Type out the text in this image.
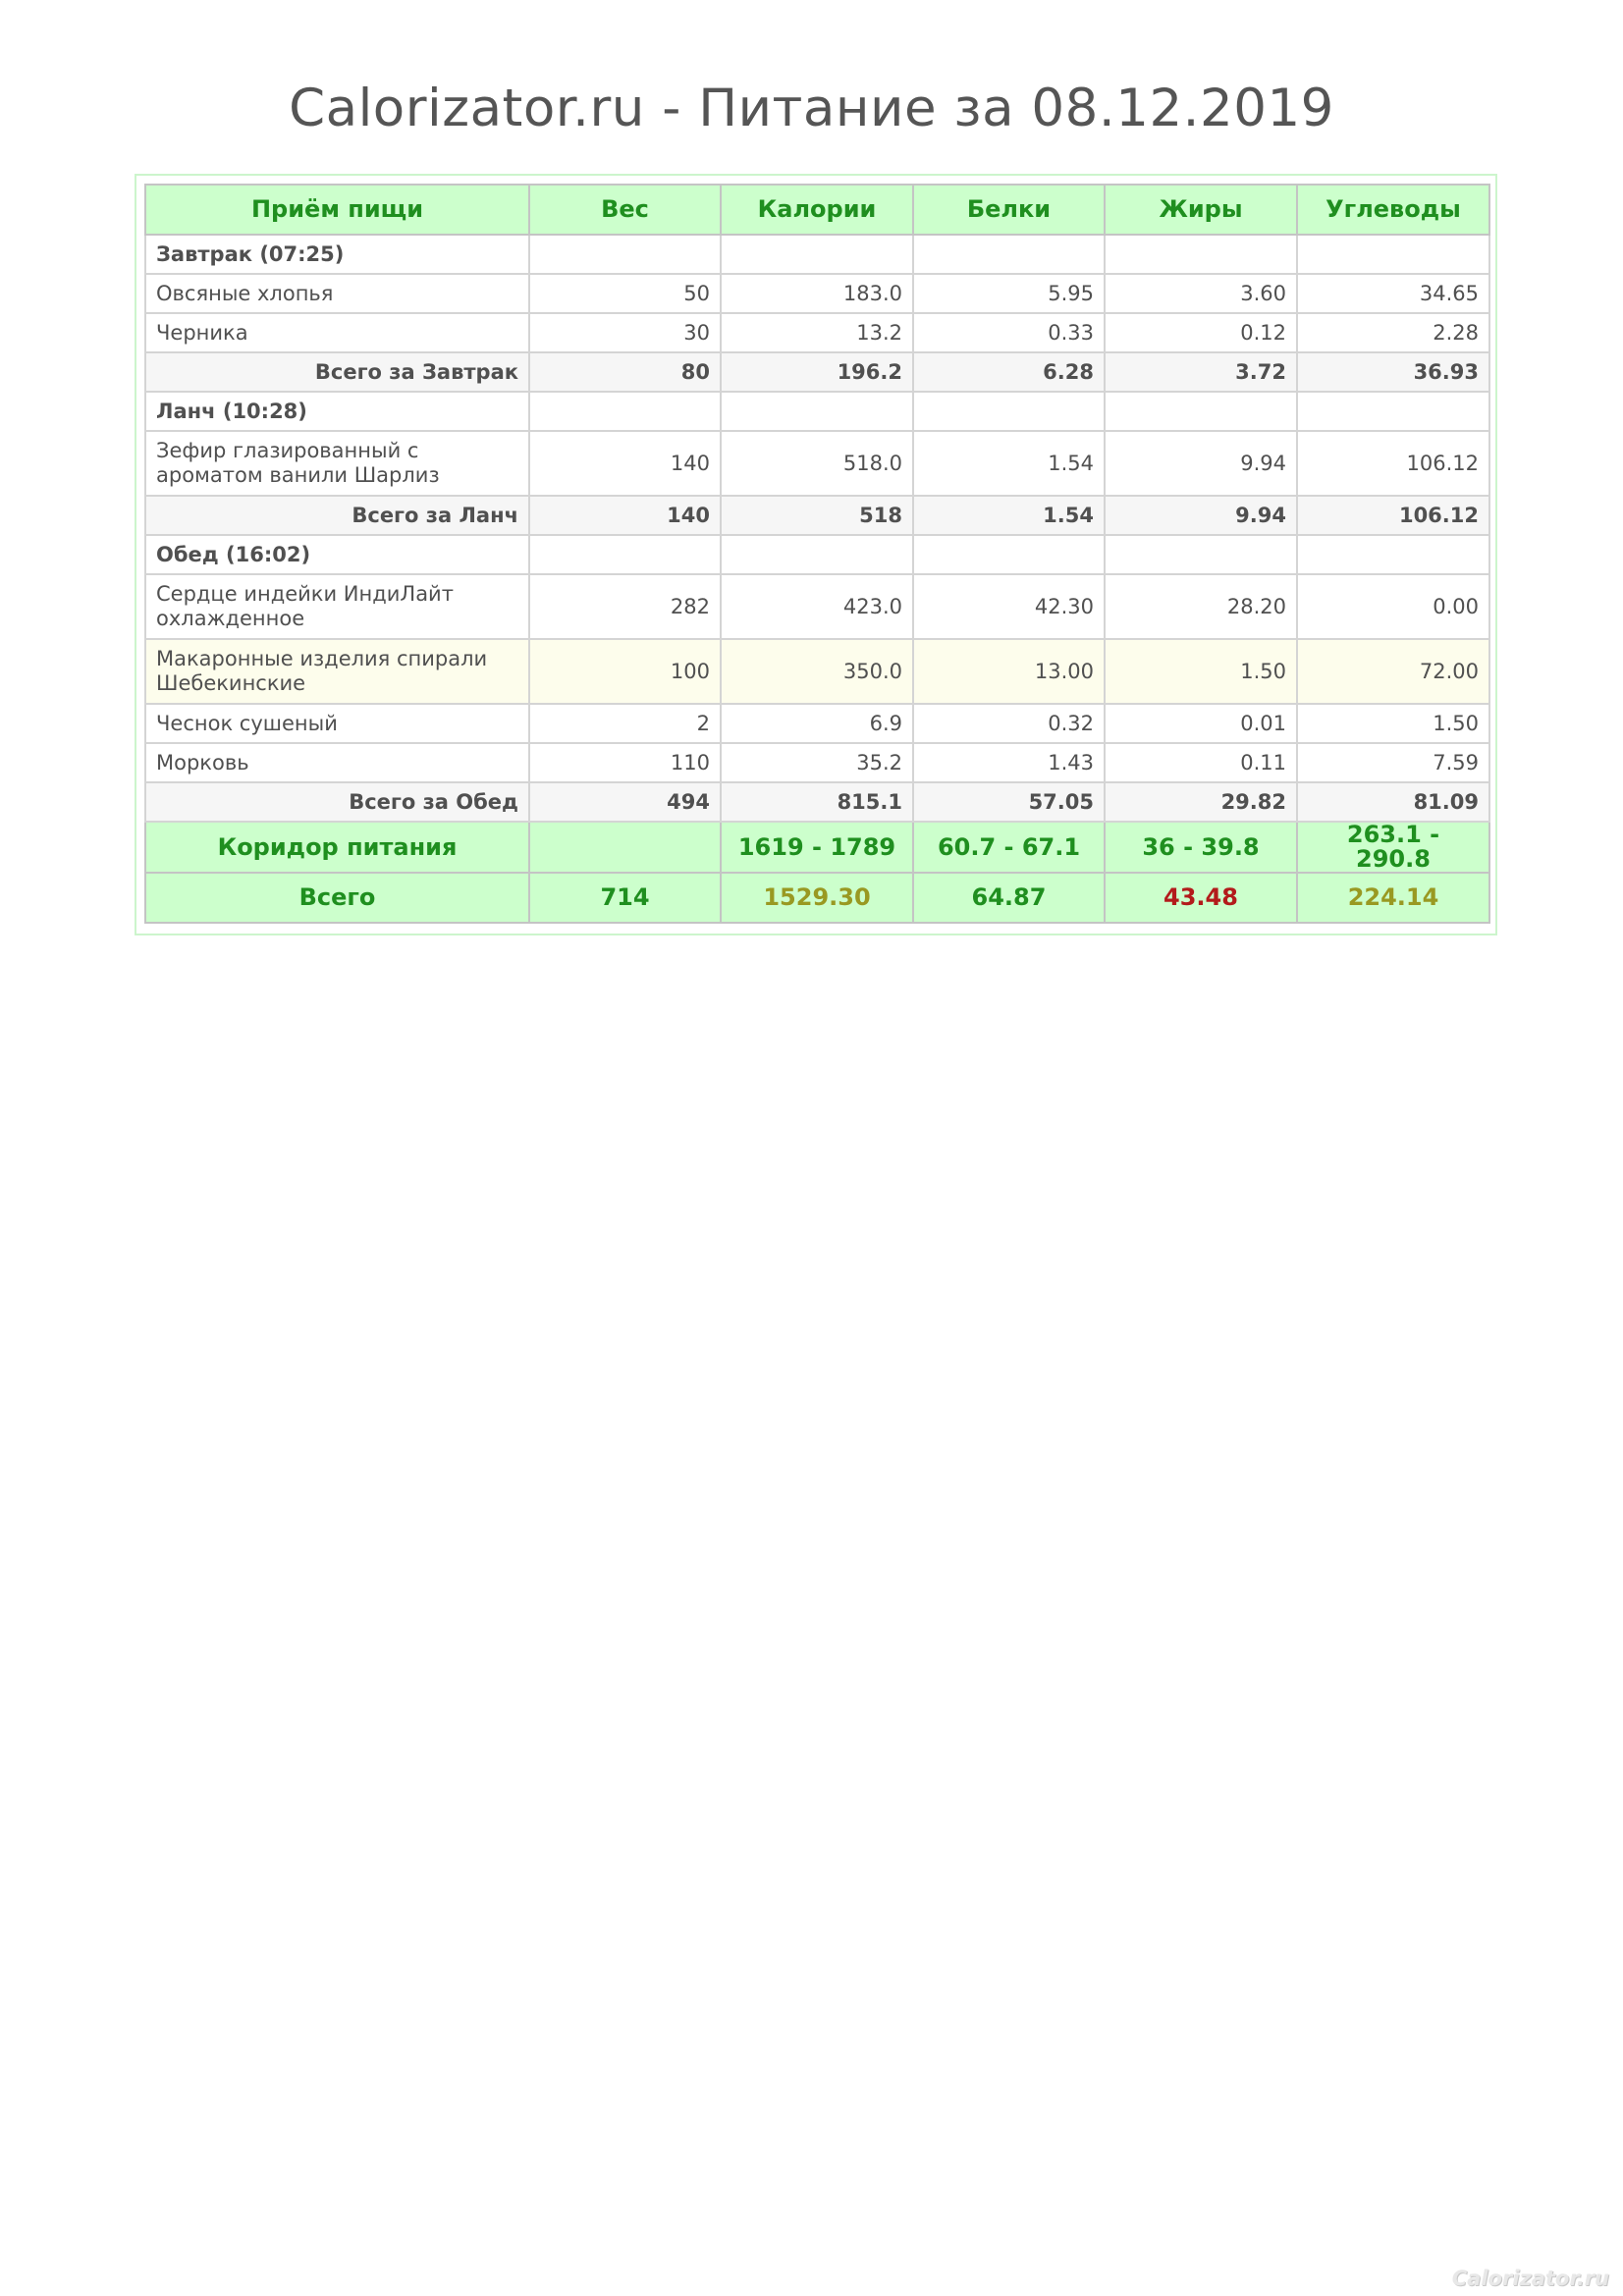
Calorizator.ru - Питание за 08.12.2019
Приём пищи	Вес	Калории	Белки	Жиры	Углеводы
Завтрак (07:25)					
Овсяные хлопья	50	183.0	5.95	3.60	34.65
Черника	30	13.2	0.33	0.12	2.28
Всего за Завтрак	80	196.2	6.28	3.72	36.93
Ланч (10:28)					
Зефир глазированный с ароматом ванили Шарлиз	140	518.0	1.54	9.94	106.12
Всего за Ланч	140	518	1.54	9.94	106.12
Обед (16:02)					
Сердце индейки ИндиЛайт охлажденное	282	423.0	42.30	28.20	0.00
Макаронные изделия спирали Шебекинские	100	350.0	13.00	1.50	72.00
Чеснок сушеный	2	6.9	0.32	0.01	1.50
Морковь	110	35.2	1.43	0.11	7.59
Всего за Обед	494	815.1	57.05	29.82	81.09
Коридор питания		1619 - 1789	60.7 - 67.1	36 - 39.8	263.1 - 290.8
Всего	714	1529.30	64.87	43.48	224.14
Calorizator.ru
